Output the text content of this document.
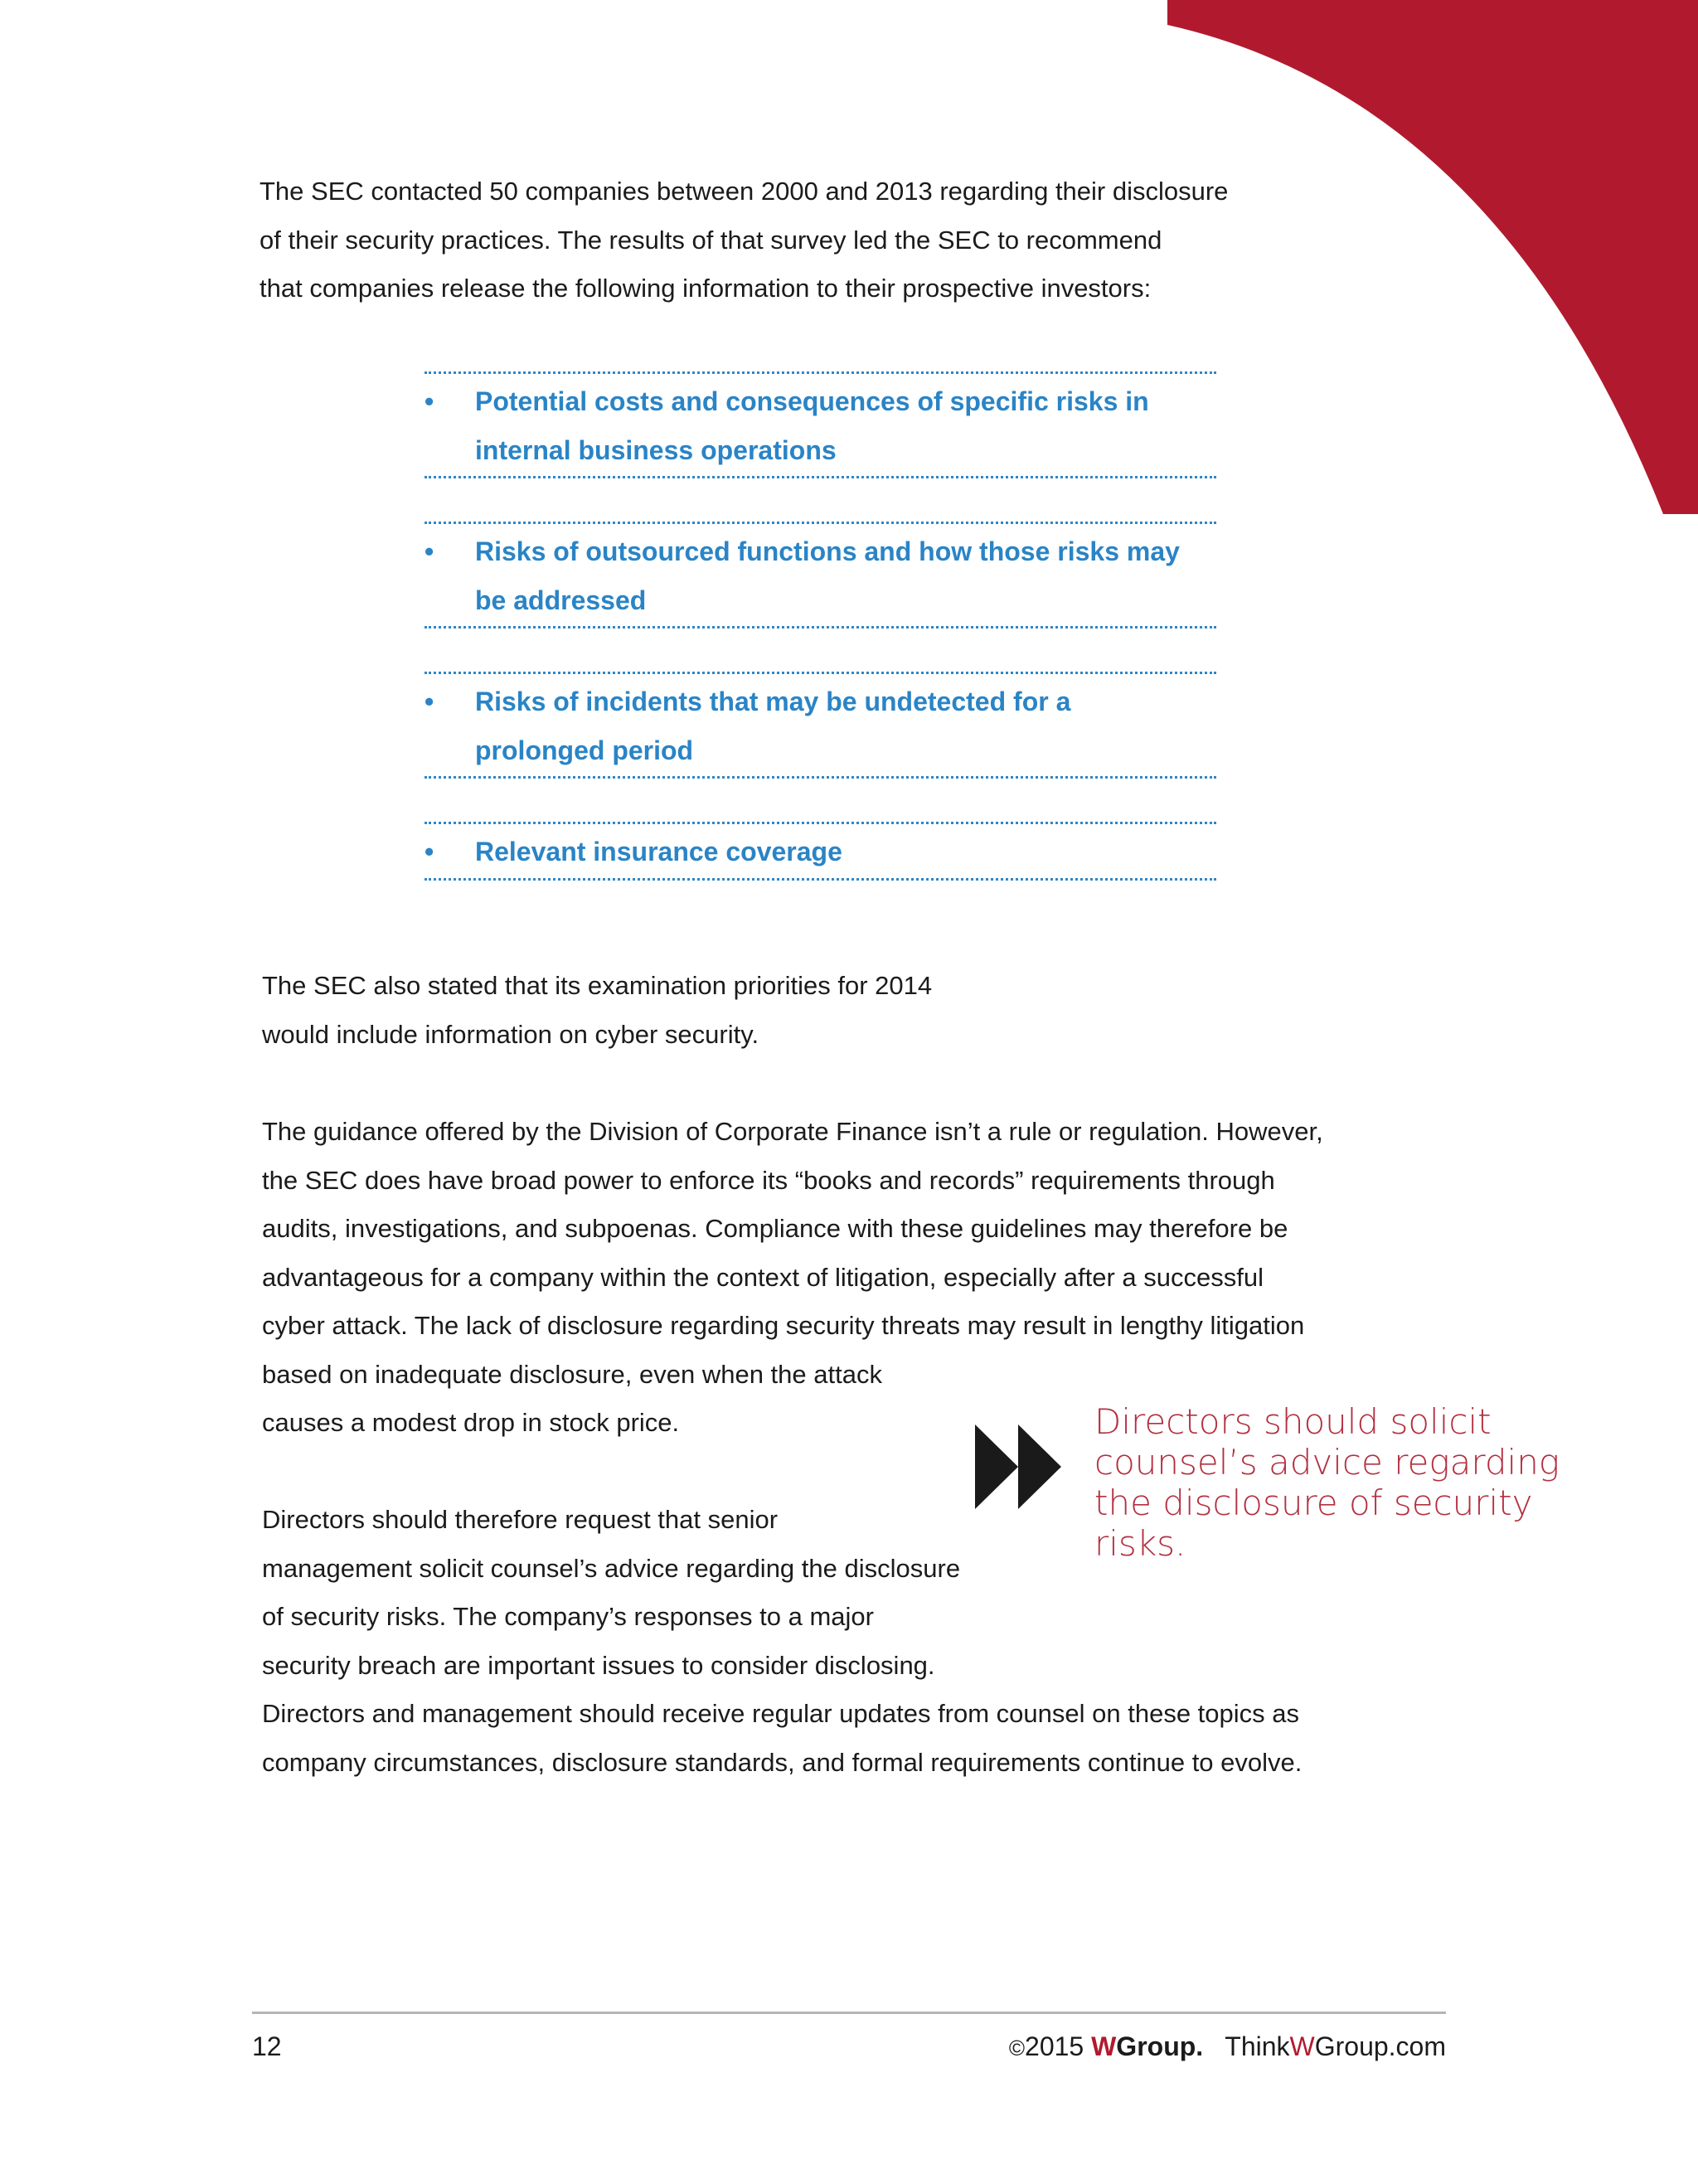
The SEC contacted 50 companies between 2000 and 2013 regarding their disclosure
of their security practices. The results of that survey led the SEC to recommend
that companies release the following information to their prospective investors:
• Potential costs and consequences of specific risks in
internal business operations
• Risks of outsourced functions and how those risks may
be addressed
• Risks of incidents that may be undetected for a
prolonged period
• Relevant insurance coverage
The SEC also stated that its examination priorities for 2014
would include information on cyber security.
The guidance offered by the Division of Corporate Finance isn’t a rule or regulation. However,
the SEC does have broad power to enforce its “books and records” requirements through
audits, investigations, and subpoenas. Compliance with these guidelines may therefore be
advantageous for a company within the context of litigation, especially after a successful
cyber attack. The lack of disclosure regarding security threats may result in lengthy litigation
based on inadequate disclosure, even when the attack
causes a modest drop in stock price.
Directors should therefore request that senior
management solicit counsel’s advice regarding the disclosure
of security risks. The company’s responses to a major
security breach are important issues to consider disclosing.
Directors and management should receive regular updates from counsel on these topics as
company circumstances, disclosure standards, and formal requirements continue to evolve.
Directors should solicit
counsel’s advice regarding
the disclosure of security
risks.
12	©2015 WGroup. ThinkWGroup.com
